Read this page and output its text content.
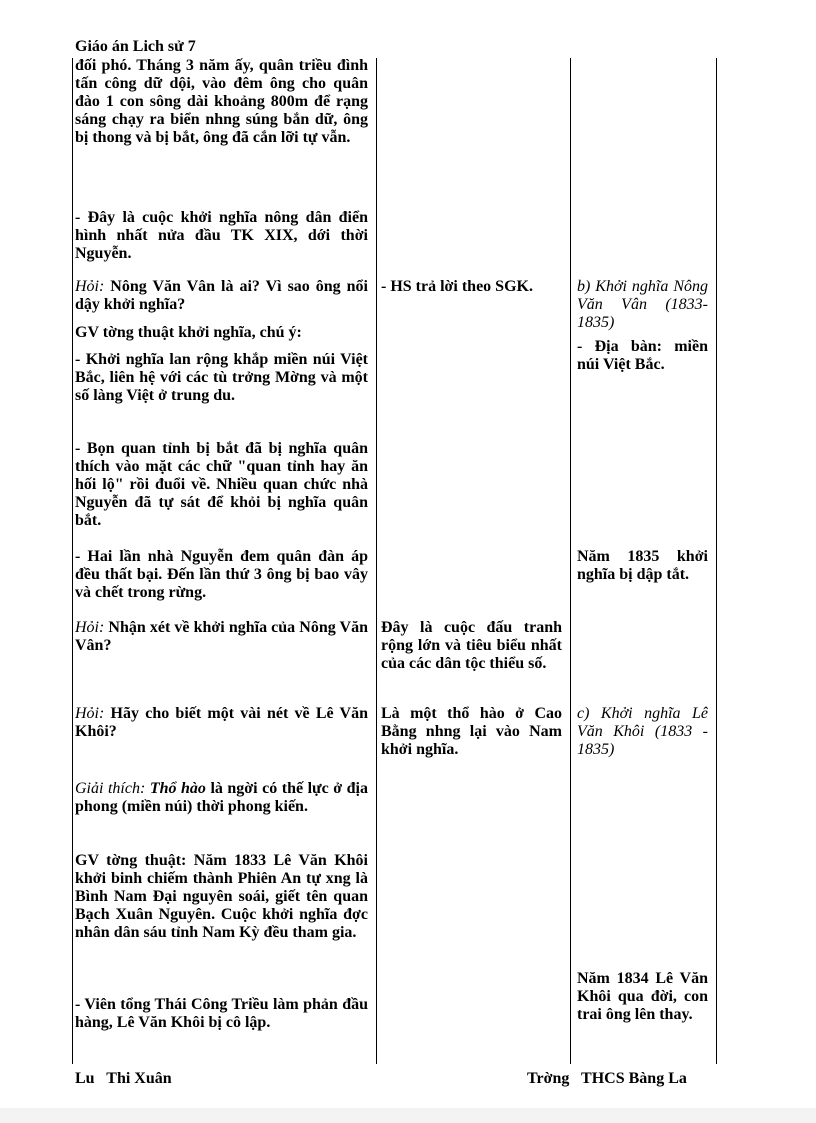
Giáo án Lich sử 7

đối phó. Tháng 3 năm ấy, quân triều đình tấn công dữ dội, vào đêm ông cho quân đào 1 con sông dài khoảng 800m để rạng sáng chạy ra biển nhng súng bắn dữ, ông bị thong và bị bắt, ông đã cắn lỡi tự vẫn.

- Đây là cuộc khởi nghĩa nông dân điển hình nhất nửa đầu TK XIX, dới thời Nguyễn.

Hỏi: Nông Văn Vân là ai? Vì sao ông nổi dậy khởi nghĩa?

GV tờng thuật khởi nghĩa, chú ý:

- Khởi nghĩa lan rộng khắp miền núi Việt Bắc, liên hệ với các tù trởng Mờng và một số làng Việt ở trung du.

- Bọn quan tỉnh bị bắt đã bị nghĩa quân thích vào mặt các chữ "quan tỉnh hay ăn hối lộ" rồi đuổi về. Nhiều quan chức nhà Nguyễn đã tự sát để khỏi bị nghĩa quân bắt.

- Hai lần nhà Nguyễn đem quân đàn áp đều thất bại. Đến lần thứ 3 ông bị bao vây và chết trong rừng.

Hỏi: Nhận xét về khởi nghĩa của Nông Văn Vân?

Hỏi: Hãy cho biết một vài nét về Lê Văn Khôi?

Giải thích: Thổ hào là ngời có thế lực ở địa phong (miền núi) thời phong kiến.

GV tờng thuật: Năm 1833 Lê Văn Khôi khởi binh chiếm thành Phiên An tự xng là Bình Nam Đại nguyên soái, giết tên quan Bạch Xuân Nguyên. Cuộc khởi nghĩa đợc nhân dân sáu tỉnh Nam Kỳ đều tham gia.

- Viên tổng Thái Công Triều làm phản đầu hàng, Lê Văn Khôi bị cô lập.

- HS trả lời theo SGK.

Đây là cuộc đấu tranh rộng lớn và tiêu biểu nhất của các dân tộc thiểu số.

Là một thổ hào ở Cao Bằng nhng lại vào Nam khởi nghĩa.

b) Khởi nghĩa Nông Văn Vân (1833-1835)

- Địa bàn: miền núi Việt Bắc.

Năm 1835 khởi nghĩa bị dập tắt.

c) Khởi nghĩa Lê Văn Khôi (1833 - 1835)

Năm 1834 Lê Văn Khôi qua đời, con trai ông lên thay.

Lu   Thi Xuân	Trờng   THCS Bàng La
